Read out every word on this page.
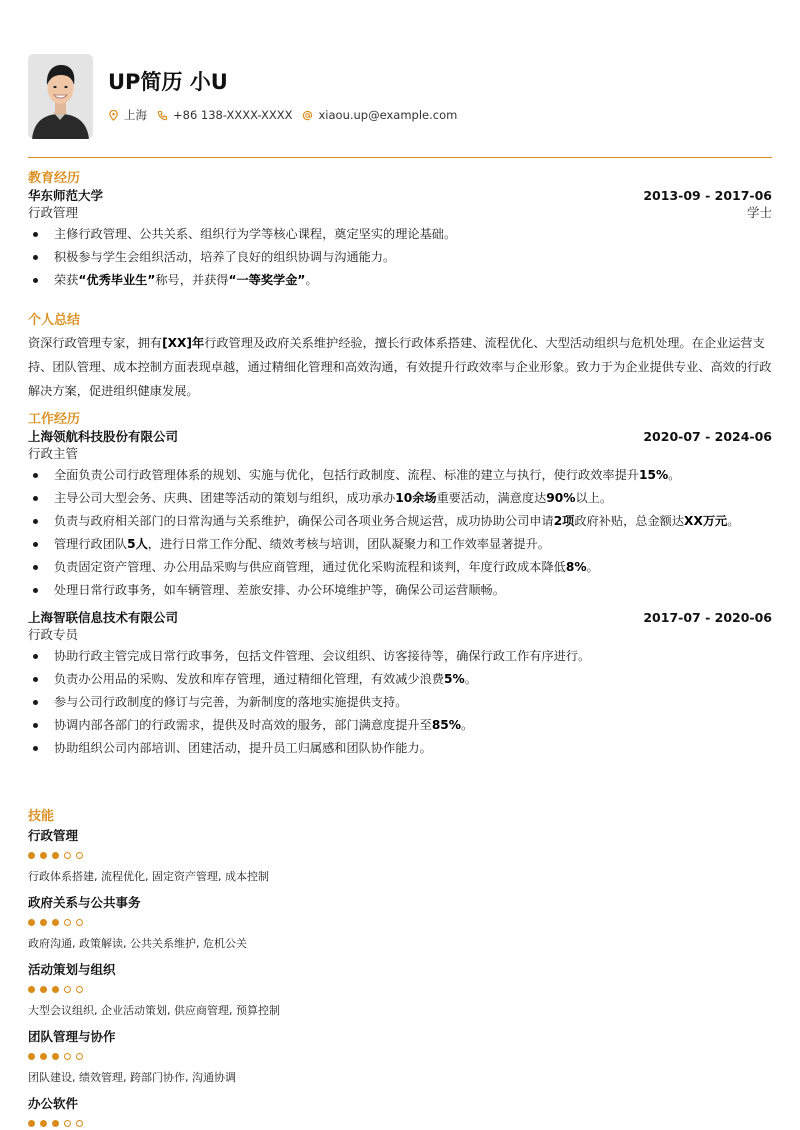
UP简历 小U
上海 +86 138-XXXX-XXXX xiaou.up@example.com
教育经历
华东师范大学	2013-09 - 2017-06
行政管理	学士
主修行政管理、公共关系、组织行为学等核心课程，奠定坚实的理论基础。
积极参与学生会组织活动，培养了良好的组织协调与沟通能力。
荣获“优秀毕业生”称号，并获得“一等奖学金”。
个人总结

资深行政管理专家，拥有[XX]年行政管理及政府关系维护经验，擅长行政体系搭建、流程优化、大型活动组织与危机处理。在企业运营支持、团队管理、成本控制方面表现卓越，通过精细化管理和高效沟通，有效提升行政效率与企业形象。致力于为企业提供专业、高效的行政解决方案，促进组织健康发展。

工作经历
上海领航科技股份有限公司	2020-07 - 2024-06
行政主管
全面负责公司行政管理体系的规划、实施与优化，包括行政制度、流程、标准的建立与执行，使行政效率提升15%。
主导公司大型会务、庆典、团建等活动的策划与组织，成功承办10余场重要活动，满意度达90%以上。
负责与政府相关部门的日常沟通与关系维护，确保公司各项业务合规运营，成功协助公司申请2项政府补贴，总金额达XX万元。
管理行政团队5人，进行日常工作分配、绩效考核与培训，团队凝聚力和工作效率显著提升。
负责固定资产管理、办公用品采购与供应商管理，通过优化采购流程和谈判，年度行政成本降低8%。
处理日常行政事务，如车辆管理、差旅安排、办公环境维护等，确保公司运营顺畅。
上海智联信息技术有限公司	2017-07 - 2020-06
行政专员
协助行政主管完成日常行政事务，包括文件管理、会议组织、访客接待等，确保行政工作有序进行。
负责办公用品的采购、发放和库存管理，通过精细化管理，有效减少浪费5%。
参与公司行政制度的修订与完善，为新制度的落地实施提供支持。
协调内部各部门的行政需求，提供及时高效的服务，部门满意度提升至85%。
协助组织公司内部培训、团建活动，提升员工归属感和团队协作能力。
技能
行政管理
行政体系搭建, 流程优化, 固定资产管理, 成本控制
政府关系与公共事务
政府沟通, 政策解读, 公共关系维护, 危机公关
活动策划与组织
大型会议组织, 企业活动策划, 供应商管理, 预算控制
团队管理与协作
团队建设, 绩效管理, 跨部门协作, 沟通协调
办公软件
